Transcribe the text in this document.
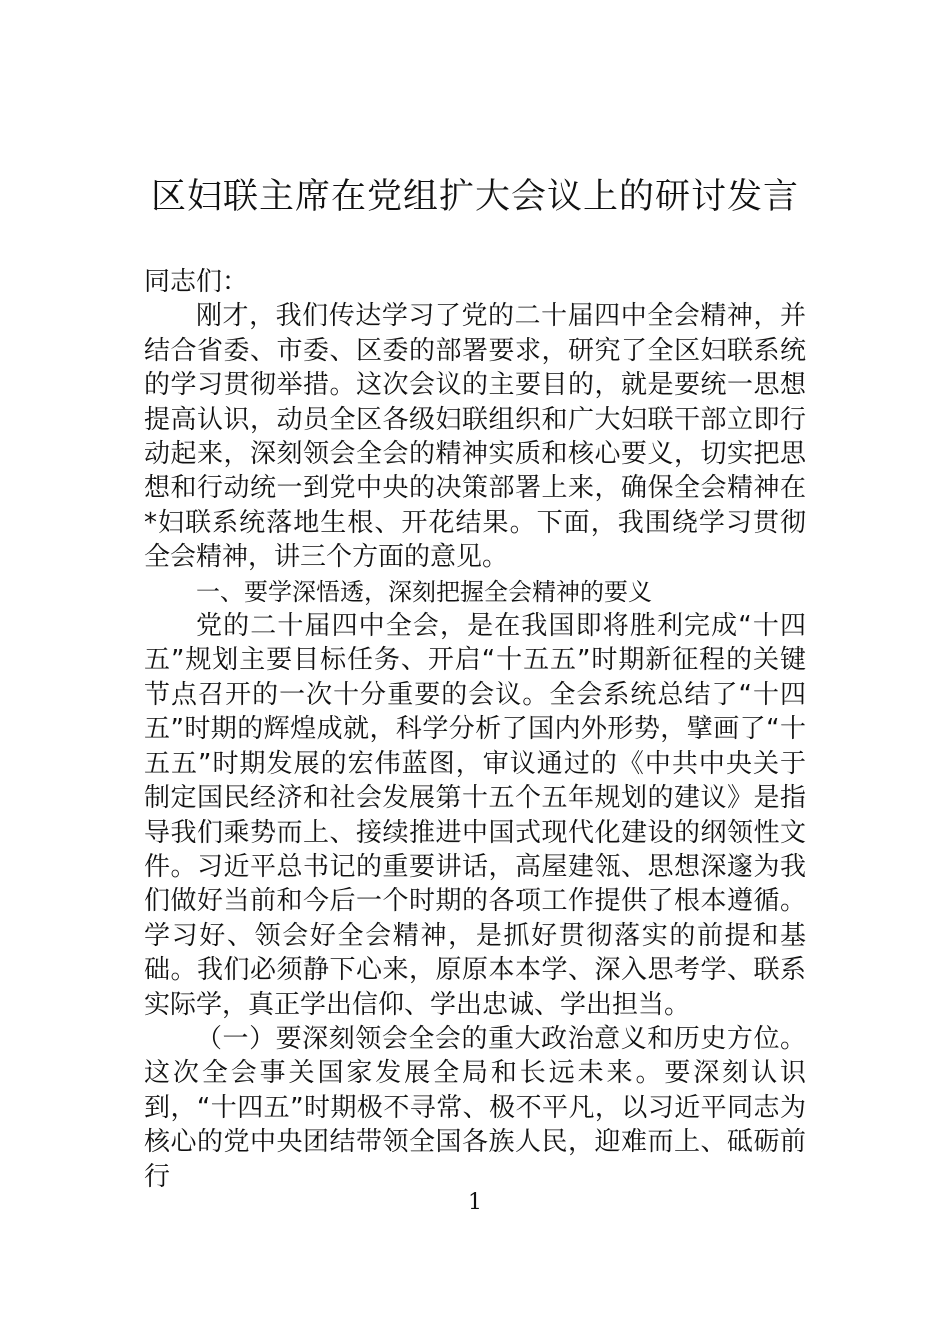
区妇联主席在党组扩大会议上的研讨发言

同志们：

刚才，我们传达学习了党的二十届四中全会精神，并结合省委、市委、区委的部署要求，研究了全区妇联系统的学习贯彻举措。这次会议的主要目的，就是要统一思想提高认识，动员全区各级妇联组织和广大妇联干部立即行动起来，深刻领会全会的精神实质和核心要义，切实把思想和行动统一到党中央的决策部署上来，确保全会精神在*妇联系统落地生根、开花结果。下面，我围绕学习贯彻全会精神，讲三个方面的意见。

一、要学深悟透，深刻把握全会精神的要义

党的二十届四中全会，是在我国即将胜利完成“十四五”规划主要目标任务、开启“十五五”时期新征程的关键节点召开的一次十分重要的会议。全会系统总结了“十四五”时期的辉煌成就，科学分析了国内外形势，擘画了“十五五”时期发展的宏伟蓝图，审议通过的《中共中央关于制定国民经济和社会发展第十五个五年规划的建议》是指导我们乘势而上、接续推进中国式现代化建设的纲领性文件。习近平总书记的重要讲话，高屋建瓴、思想深邃为我们做好当前和今后一个时期的各项工作提供了根本遵循。学习好、领会好全会精神，是抓好贯彻落实的前提和基础。我们必须静下心来，原原本本学、深入思考学、联系实际学，真正学出信仰、学出忠诚、学出担当。

（一）要深刻领会全会的重大政治意义和历史方位。这次全会事关国家发展全局和长远未来。要深刻认识到，“十四五”时期极不寻常、极不平凡，以习近平同志为核心的党中央团结带领全国各族人民，迎难而上、砥砺前行

1
